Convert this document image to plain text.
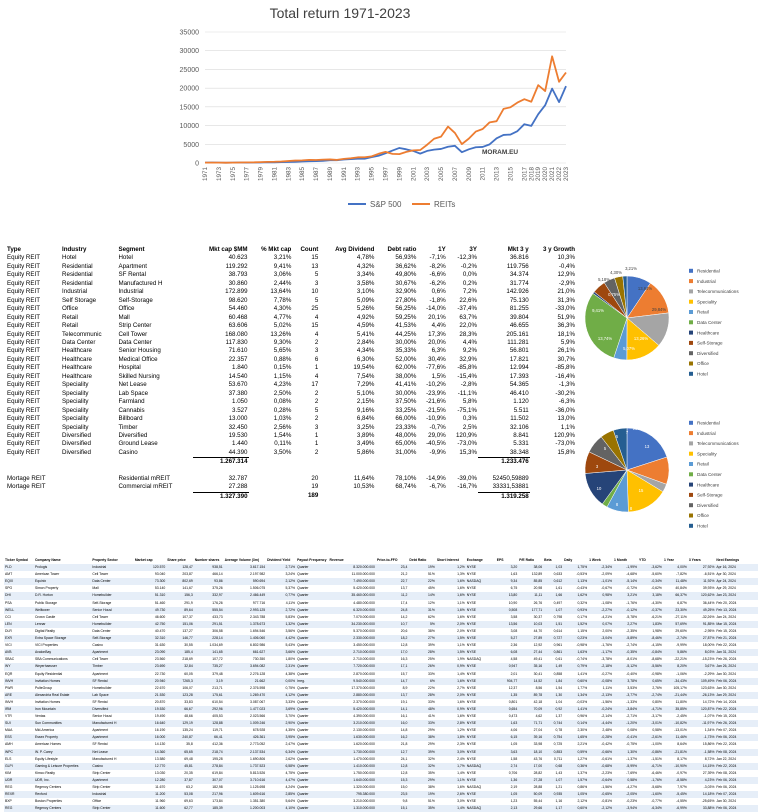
Total return 1971-2023
0
5000
10000
15000
20000
25000
30000
35000
1971 1973 1975 1977 1979 1981 1983 1985 1987 1989 1991 1993 1995 1997 1999 2001 2003 2005 2007 2009 2011 2013 2015 2017 2018 2019 2020 2021 2022 2023
MORAM.EU
S&P 500	REITs
Type	Industry	Segment	Mkt cap $MM	% Mkt cap	Count	Avg Dividend	Debt ratio	1Y	3Y	Mkt 3 y	3 y Growth
Equity REIT	Hotel	Hotel	40.623	3,21%	15	4,78%	56,93%	-7,1%	-12,3%	36.816	10,3%
Equity REIT	Residential	Apartment	119.292	9,41%	13	4,32%	36,62%	-8,2%	-0,2%	119.756	-0,4%
Equity REIT	Residential	SF Rental	38.793	3,06%	5	3,34%	49,80%	-6,6%	0,0%	34.374	12,9%
Equity REIT	Residential	Manufactured H	30.860	2,44%	3	3,58%	30,67%	-6,2%	0,2%	31.774	-2,9%
Equity REIT	Industrial	Industrial	172.899	13,64%	10	3,10%	32,90%	0,6%	7,2%	142.926	21,0%
Equity REIT	Self Storage	Self-Storage	98.620	7,78%	5	5,09%	27,80%	-1,8%	22,6%	75.130	31,3%
Equity REIT	Office	Office	54.460	4,30%	25	5,26%	56,25%	-14,0%	-37,4%	81.255	-33,0%
Equity REIT	Retail	Mall	60.468	4,77%	4	4,92%	59,25%	20,1%	63,7%	39.804	51,9%
Equity REIT	Retail	Strip Center	63.606	5,02%	15	4,59%	41,53%	4,4%	22,0%	46.655	36,3%
Equity REIT	Telecommunic	Cell Tower	168.080	13,26%	4	5,41%	44,25%	17,3%	28,3%	205.161	18,1%
Equity REIT	Data Center	Data Center	117.830	9,30%	2	2,84%	30,00%	20,0%	4,4%	111.281	5,9%
Equity REIT	Healthcare	Senior Housing	71.610	5,65%	3	4,34%	35,33%	6,3%	9,2%	56.801	26,1%
Equity REIT	Healthcare	Medical Office	22.357	0,88%	6	6,30%	52,00%	30,4%	32,9%	17.821	30,7%
Equity REIT	Healthcare	Hospital	1.840	0,15%	1	19,54%	62,00%	-77,6%	-85,8%	12.994	-85,8%
Equity REIT	Healthcare	Skilled Nursing	14.540	1,15%	4	7,54%	38,00%	1,5%	-15,4%	17.393	-16,4%
Equity REIT	Speciality	Net Lease	53.670	4,23%	17	7,29%	41,41%	-10,2%	-2,8%	54.365	-1,3%
Equity REIT	Speciality	Lab Space	37.380	2,50%	2	5,10%	30,00%	-23,9%	-11,1%	46.410	-30,2%
Equity REIT	Speciality	Farmland	1.050	0,08%	2	2,15%	37,50%	-21,6%	5,8%	1.120	-6,3%
Equity REIT	Speciality	Cannabis	3.527	0,28%	5	9,16%	33,25%	-21,5%	-75,1%	5.511	-36,0%
Equity REIT	Speciality	Billboard	13.000	1,03%	2	6,84%	66,00%	-10,9%	0,3%	11.502	13,0%
Equity REIT	Speciality	Timber	32.450	2,56%	3	3,25%	23,33%	-0,7%	2,5%	32.106	1,1%
Equity REIT	Diversified	Diversified	19.530	1,54%	1	3,89%	48,00%	29,0%	120,9%	8.841	120,9%
Equity REIT	Diversified	Ground Lease	1.440	0,11%	1	3,49%	65,00%	-40,5%	-73,0%	5.331	-73,0%
Equity REIT	Diversified	Casino	44.390	3,50%	2	5,86%	31,00%	-9,9%	15,3%	38.348	15,8%
			1.267.314							1.233.476	

Mortage REIT		Residential mREIT	32.787		20	11,64%	78,10%	-14,9%	-39,0%	52450,59889	
Mortage REIT		Commercial mREIT	27.288		19	10,53%	68,74%	-6,7%	-16,7%	33331,53881	
			1.327.390		189					1.319.258	
3,21%
4,30%
5,18%
13,64%
29,84%
13,26%
5,07%
13,74%
9,41%
0,75%
Residential
Industrial
Telecommunications
Speciality
Retail
Data Center
Healthcare
Self-Storage
Diversified
Office
Hotel
13
15
8
8
10
3
5
5
7
19
Residential
Industrial
Telecommunications
Speciality
Retail
Data Center
Healthcare
Self-Storage
Diversified
Office
Hotel
Ticker Symbol	Company Name	Property Sector	Market cap	Share price	Number shares	Average Volume (3m)	Dividend Yield	Payout Frequency	Revenue	Price-to-FFO	Debt Ratio	Short Interest	Exchange	EPS	P/E Ratio	Beta	Daily	1 Week	1 Month	YTD	1 Year	3 Years	Next Earnings
PLD	Prologis	Industrial	120.570	128,47	938,51	3.617.154	2,71%	Quarter	8.320.000.000	23,4	19%	1,2%	NYSE	3,20	38,06	1,03	1,75%	-2,34%	-1,99%	-3,62%	4,00%	27,92%	Apr 16, 2024
AMT	American Tower	Cell Tower	93.040	203,87	466,14	2.197.982	3,24%	Quarter	11.000.000.000	21,2	51%	1,3%	NYSE	1,63	132,89	0,633	-0,53%	-2,09%	-4,68%	-5,60%	-7,82%	-6,51%	Apr 30, 2024
EQIX	Equinix	Data Center	73.300	802,69	93,86	590.694	2,12%	Quarter	7.490.000.000	22,7	22%	1,6%	NASDAQ	9,34	85,85	0,612	1,13%	-1,01%	-5,14%	-0,34%	11,48%	11,92%	Apr 24, 2024
SPG	Simon Property	Mall	53.140	141,67	375,26	1.506.075	5,37%	Quarter	5.420.000.000	13,7	45%	1,6%	NYSE	6,75	20,98	1,61	-0,43%	-0,67%	-0,72%	-0,62%	40,84%	39,93%	Apr 29, 2024
DHI	D.R. Horton	Homebuilder	51.310	156,3	332,97	2.466.449	0,77%	Quarter	35.460.000.000	11,2	14%	1,6%	NYSE	13,80	11,11	1,66	1,62%	0,98%	3,21%	3,18%	66,37%	120,62%	Jan 23, 2024
PSA	Public Storage	Self-Storage	51.460	291,9	176,26	977.716	4,11%	Quarter	4.480.000.000	17,4	12%	1,1%	NYSE	10,90	26,76	0,497	0,32%	-1,08%	-1,76%	-4,30%	6,87%	36,44%	Feb 20, 2024
WELL	Welltower	Senior Housl	49.730	89,64	555,54	2.993.125	2,72%	Quarter	6.320.000.000	24,8	31%	1,6%	NYSE	0,508	177,71	1,07	0,93%	-2,27%	-0,12%	-0,37%	23,30%	49,25%	Feb 13, 2024
CCI	Crown Castle	Cell Tower	46.600	107,37	433,73	2.343.788	5,83%	Quarter	7.070.000.000	14,2	62%	1,6%	NYSE	3,58	30,37	0,798	0,17%	-4,21%	-5,78%	-6,21%	-27,11%	-32,26%	Jan 24, 2024
LEN	Lennar	Homebuilder	42.750	151,06	291,51	1.378.673	1,32%	Quarter	34.230.000.000	10,7	5%	2,0%	NYSE	13,56	10,03	1,51	1,52%	0,07%	2,27%	1,83%	57,69%	91,85%	Mar 15, 2024
DLR	Digital Realty	Data Center	40.470	137,27	306,58	1.694.546	3,56%	Quarter	5.370.000.000	20,6	38%	2,0%	NYSE	3,08	44,70	0,614	1,15%	2,00%	-2,35%	1,98%	29,60%	-2,95%	Feb 15, 2024
EXR	Extra Space Storage	Self-Storage	32.310	146,77	228,14	1.406.060	4,42%	Quarter	2.330.000.000	18,2	27%	1,5%	NYSE	5,27	27,89	0,727	0,23%	-3,04%	-5,89%	-8,46%	-2,74%	27,87%	Feb 21, 2024
VICI	VICI Properties	Casino	31.630	30,55	1.034,69	6.802.986	5,43%	Quarter	3.450.000.000	12,8	39%	1,1%	NYSE	2,36	12,92	0,961	-0,98%	-1,76%	-2,74%	-4,15%	-9,99%	18,00%	Feb 22, 2024
AVB	AvalonBay	Apartment	23.090	185,4	141,65	661.627	3,66%	Quarter	2.710.000.000	17,0	28%	1,5%	NYSE	6,08	27,44	0,861	1,63%	-1,17%	-0,35%	-0,84%	5,86%	8,03%	Jan 31, 2024
SBAC	SBA Communications	Cell Tower	23.560	218,69	107,72	730.350	1,80%	Quarter	2.710.000.000	16,3	25%	1,9%	NASDAQ	4,58	49,41	0,61	-0,74%	-3,78%	-8,01%	-8,68%	-22,21%	-15,23%	Feb 26, 2024
WY	Weyerhaeuser	Timber	23.690	32,84	735,27	3.694.082	2,31%	Quarter	7.720.000.000	17,1	26%	0,9%	NYSE	0,947	35,16	1,49	0,79%	-2,18%	-5,12%	-5,56%	8,20%	3,67%	Jan 26, 2024
EQR	Equity Residential	Apartment	22.730	60,05	379,48	2.276.128	4,38%	Quarter	2.870.000.000	15,7	33%	1,4%	NYSE	2,01	30,41	0,858	1,41%	-0,27%	-0,40%	-0,98%	-1,06%	-2,29%	Jan 30, 2024
INVH	Invitation Homes	SF Rental	20.940	7265,3	3,19	21.662	0,00%	Irreg.	9.540.000.000	14,7	6%	1,6%	NYSE	904,77	14,52	1,84	0,60%	-0,08%	3,78%	0,65%	-34,43%	109,49%	Feb 06, 2024
PWR	PulteGroup	Homebuilder	22.670	106,07	213,71	2.376.598	0,75%	Quarter	17.370.000.000	8,9	22%	2,7%	NYSE	12,37	8,56	1,54	1,77%	1,11%	3,53%	2,76%	105,17%	123,63%	Jan 30, 2024
ARE	Alexandria Real Estate	Lab Space	21.530	123,28	175,61	1.269.470	4,12%	Quarter	2.880.000.000	13,7	28%	2,0%	NYSE	1,35	89,78	1,30	1,34%	-2,13%	-3,77%	-2,74%	-21,44%	-26,13%	Jan 29, 2024
INVH	Invitation Homes	SF Rental	20.870	33,83	610,54	3.087.067	3,33%	Quarter	2.370.000.000	19,1	33%	1,6%	NYSE	0,801	42,18	1,04	-0,03%	-1,56%	-1,33%	0,80%	11,80%	14,72%	Feb 14, 2024
IRM	Iron Mountain	Diversified	19.530	66,67	292,96	1.477.023	3,69%	Quarter	5.420.000.000	14,1	48%	0,9%	NYSE	0,654	70,09	0,92	1,41%	-0,24%	-3,84%	-4,71%	35,85%	120,87%	Feb 22, 2024
VTR	Ventas	Senior Housi	19.490	48,66	405,53	2.023.566	3,70%	Quarter	4.390.000.000	16,1	41%	1,6%	NYSE	0,473	4,62	1,37	0,96%	-2,14%	-2,71%	-3,17%	-2,45%	-1,07%	Feb 15, 2024
SUI	Sun Communities	Manufactured H	16.640	129,19	128,88	1.009.246	2,90%	Quarter	3.210.000.000	16,0	33%	2,8%	NYSE	1,63	71,71	0,744	0,14%	-4,44%	-1,20%	-3,01%	-10,82%	-11,97%	Feb 26, 2024
MAA	Mid-America	Apartment	16.190	135,24	119,71	678.928	4,35%	Quarter	2.130.000.000	14,8	29%	1,2%	NYSE	4,06	27,04	0,78	2,30%	2,48%	0,08%	0,58%	-13,01%	1,34%	Feb 07, 2024
ESS	Essex Property	Apartment	16.000	240,87	66,41	426.361	3,95%	Quarter	1.630.000.000	16,2	38%	1,8%	NYSE	6,15	39,16	0,754	1,65%	-0,28%	-0,41%	-2,61%	11,46%	-1,73%	Feb 06, 2024
AMH	American Homes	SF Rental	14.130	35,8	412,36	2.773.052	2,47%	Quarter	1.620.000.000	21,8	29%	2,3%	NYSE	1,05	33,98	0,725	2,21%	-0,42%	-0,75%	-1,00%	8,64%	15,86%	Feb 22, 2024
WPC	W. P. Carey	Net Lease	14.360	65,65	218,74	2.137.534	6,34%	Quarter	1.730.000.000	12,7	39%	3,0%	NYSE	3,63	18,10	0,853	0,59%	-0,66%	1,30%	-0,86%	-21,81%	-1,58%	Feb 08, 2024
ELS	Equity Lifestyle	Manufactured H	13.580	69,48	195,28	1.690.806	2,62%	Quarter	1.470.000.000	24,1	32%	2,4%	NYSE	1,58	43,76	0,711	1,27%	-0,61%	-1,37%	-1,51%	8,17%	8,72%	Jan 22, 2024
GLPI	Gaming & Leisure Properties	Casino	12.770	45,81	278,84	1.737.523	6,58%	Quarter	1.410.000.000	12,8	32%	1,7%	NASDAQ	2,74	17,00	0,68	0,36%	-0,68%	-5,99%	-6,71%	-10,90%	14,15%	Feb 22, 2024
KIM	Kimco Realty	Strip Center	13.030	20,35	619,84	5.813.526	4,75%	Quarter	1.750.000.000	12,8	35%	1,4%	NYSE	0,706	28,82	1,43	1,37%	-2,23%	-7,69%	-6,46%	-0,97%	27,39%	Feb 08, 2024
UDR	UDR, Inc.	Apartment	12.280	37,87	307,07	3.710.616	4,47%	Quarter	1.640.000.000	15,3	29%	1,1%	NYSE	1,36	27,28	1,07	1,57%	-0,64%	0,58%	-1,76%	-8,58%	4,23%	Feb 06, 2024
REG	Regency Centers	Strip Center	11.670	63,2	182,98	1.125.698	4,24%	Quarter	1.320.000.000	15,0	38%	1,6%	NASDAQ	2,19	28,88	1,21	0,86%	-1,56%	-4,27%	-5,68%	7,97%	-3,03%	Feb 06, 2024
REXR	Rexford	Industrial	11.200	53,08	217,96	1.609.616	2,85%	Quarter	795.380.000	23,5	19%	2,6%	NYSE	1,05	50,09	0,935	1,05%	-0,65%	-2,05%	-1,60%	-5,45%	14,18%	Feb 07, 2024
BXP	Boston Properties	Office	11.960	69,63	173,84	1.351.380	5,64%	Quarter	3.210.000.000	9,8	51%	3,0%	NYSE	1,23	55,44	1,16	2,12%	-0,81%	-0,23%	-0,77%	-4,55%	-25,65%	Jan 30, 2024
REG	Regency Centers	Strip Center	11.600	62,77	185,39	1.200.003	4,10%	Quarter	1.310.000.000	15,1	35%	1,4%	NASDAQ	2,13	29,66	1,17	0,60%	-2,12%	-3,94%	-6,34%	-6,99%	33,88%	Feb 06, 2024
